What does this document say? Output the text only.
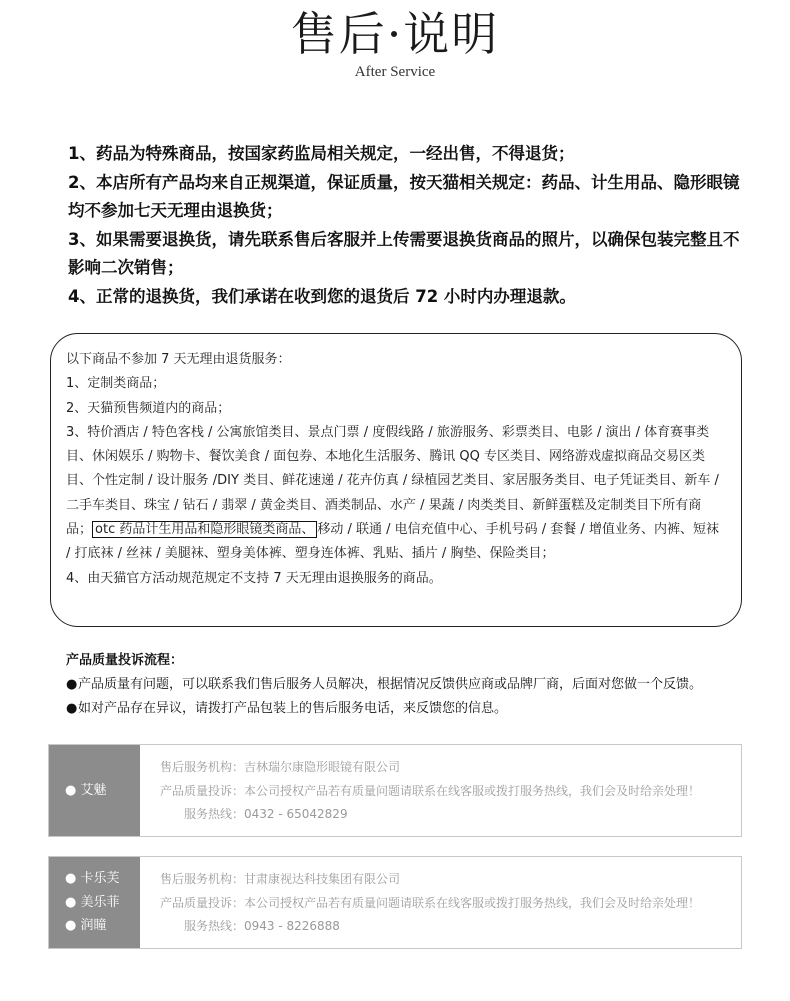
售后·说明
After Service
1、药品为特殊商品，按国家药监局相关规定，一经出售，不得退货；
2、本店所有产品均来自正规渠道，保证质量，按天猫相关规定：药品、计生用品、隐形眼镜均不参加七天无理由退换货；
3、如果需要退换货，请先联系售后客服并上传需要退换货商品的照片，以确保包装完整且不影响二次销售；
4、正常的退换货，我们承诺在收到您的退货后 72 小时内办理退款。

以下商品不参加 7 天无理由退货服务：

1、定制类商品；

2、天猫预售频道内的商品；

3、特价酒店 / 特色客栈 / 公寓旅馆类目、景点门票 / 度假线路 / 旅游服务、彩票类目、电影 / 演出 / 体育赛事类目、休闲娱乐 / 购物卡、餐饮美食 / 面包券、本地化生活服务、腾讯 QQ 专区类目、网络游戏虚拟商品交易区类目、个性定制 / 设计服务 /DIY 类目、鲜花速递 / 花卉仿真 / 绿植园艺类目、家居服务类目、电子凭证类目、新车 / 二手车类目、珠宝 / 钻石 / 翡翠 / 黄金类目、酒类制品、水产 / 果蔬 / 肉类类目、新鲜蛋糕及定制类目下所有商品； otc 药品计生用品和隐形眼镜类商品、 移动 / 联通 / 电信充值中心、手机号码 / 套餐 / 增值业务、内裤、短袜 / 打底袜 / 丝袜 / 美腿袜、塑身美体裤、塑身连体裤、乳贴、插片 / 胸垫、保险类目；

4、由天猫官方活动规范规定不支持 7 天无理由退换服务的商品。

产品质量投诉流程：
●产品质量有问题，可以联系我们售后服务人员解决，根据情况反馈供应商或品牌厂商，后面对您做一个反馈。
●如对产品存在异议，请拨打产品包装上的售后服务电话，来反馈您的信息。
● 艾魅
售后服务机构：吉林瑞尔康隐形眼镜有限公司
产品质量投诉：本公司授权产品若有质量问题请联系在线客服或拨打服务热线，我们会及时给亲处理！
服务热线：0432 - 65042829
● 卡乐芙
● 美乐菲
● 润瞳
售后服务机构：甘肃康视达科技集团有限公司
产品质量投诉：本公司授权产品若有质量问题请联系在线客服或拨打服务热线，我们会及时给亲处理！
服务热线：0943 - 8226888
